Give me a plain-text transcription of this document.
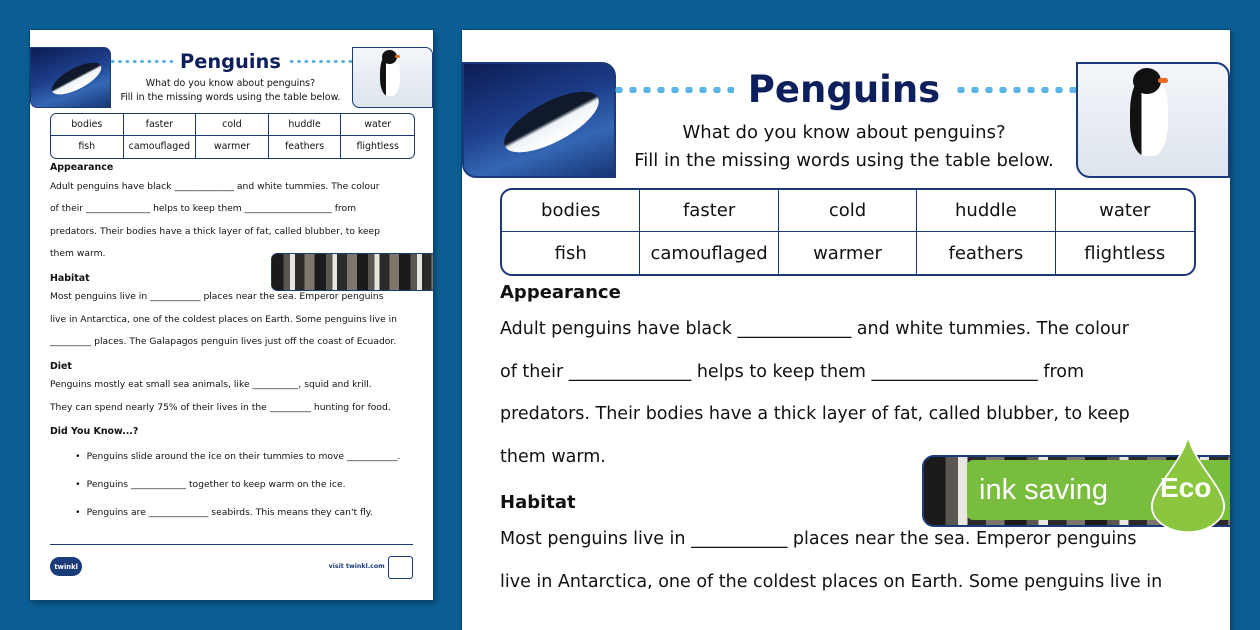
Penguins
What do you know about penguins?
Fill in the missing words using the table below.
bodies	faster	cold	huddle	water
fish	camouflaged	warmer	feathers	flightless
Appearance

Adult penguins have black _____________ and white tummies. The colour

of their ______________ helps to keep them ___________________ from

predators. Their bodies have a thick layer of fat, called blubber, to keep

them warm.

Habitat

Most penguins live in ___________ places near the sea. Emperor penguins

live in Antarctica, one of the coldest places on Earth. Some penguins live in

_________ places. The Galapagos penguin lives just off the coast of Ecuador.

Diet

Penguins mostly eat small sea animals, like __________, squid and krill.

They can spend nearly 75% of their lives in the _________ hunting for food.

Did You Know...?
• Penguins slide around the ice on their tummies to move ___________.
• Penguins ____________ together to keep warm on the ice.
• Penguins are _____________ seabirds. This means they can't fly.
twinkl	visit twinkl.com
Penguins
What do you know about penguins?
Fill in the missing words using the table below.
bodies	faster	cold	huddle	water
fish	camouflaged	warmer	feathers	flightless
Appearance

Adult penguins have black _____________ and white tummies. The colour

of their ______________ helps to keep them ___________________ from

predators. Their bodies have a thick layer of fat, called blubber, to keep

them warm.

Habitat

Most penguins live in ___________ places near the sea. Emperor penguins

live in Antarctica, one of the coldest places on Earth. Some penguins live in

ink saving Eco
